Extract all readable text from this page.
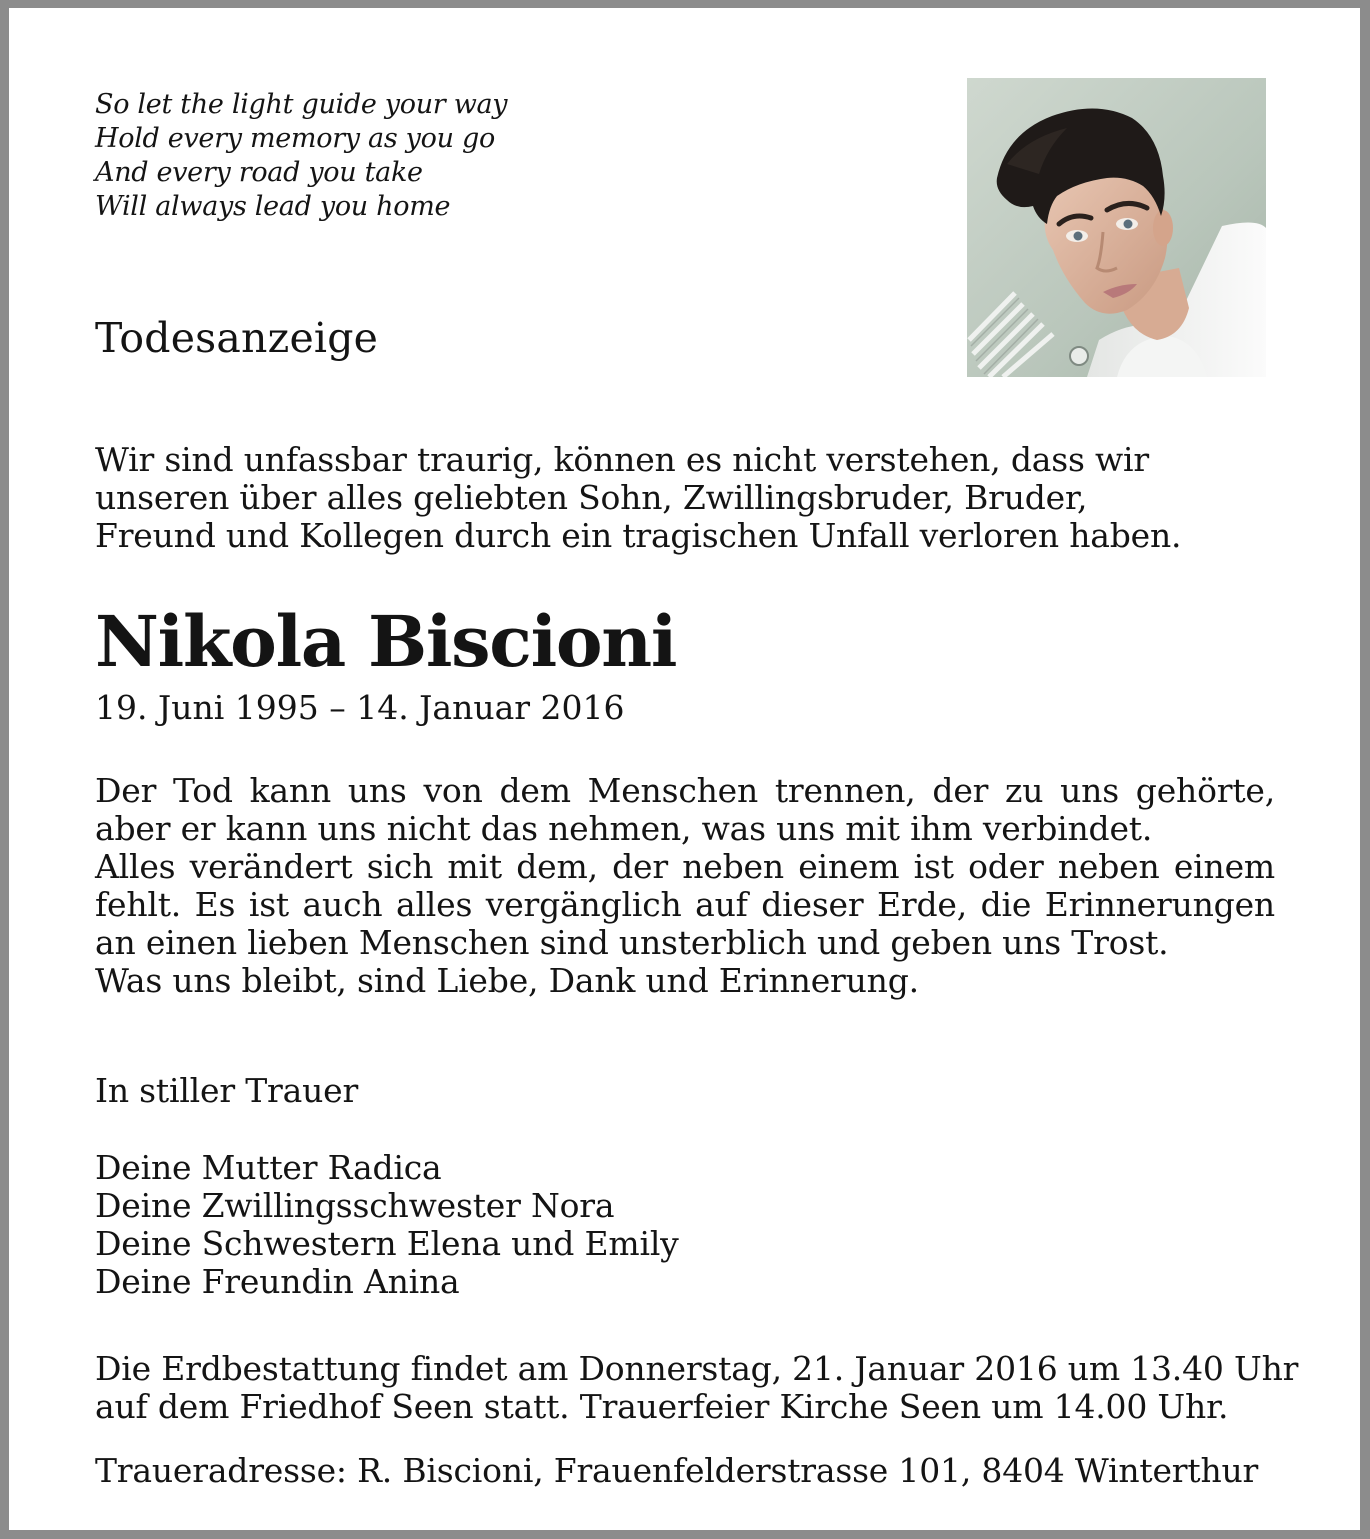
So let the light guide your way
Hold every memory as you go
And every road you take
Will always lead you home
Todesanzeige
Wir sind unfassbar traurig, können es nicht verstehen, dass wir
unseren über alles geliebten Sohn, Zwillingsbruder, Bruder,
Freund und Kollegen durch ein tragischen Unfall verloren haben.
Nikola Biscioni
19. Juni 1995 – 14. Januar 2016
Der Tod kann uns von dem Menschen trennen, der zu uns gehörte,
aber er kann uns nicht das nehmen, was uns mit ihm verbindet.
Alles verändert sich mit dem, der neben einem ist oder neben einem
fehlt. Es ist auch alles vergänglich auf dieser Erde, die Erinnerungen
an einen lieben Menschen sind unsterblich und geben uns Trost.
Was uns bleibt, sind Liebe, Dank und Erinnerung.
In stiller Trauer
Deine Mutter Radica
Deine Zwillingsschwester Nora
Deine Schwestern Elena und Emily
Deine Freundin Anina
Die Erdbestattung findet am Donnerstag, 21. Januar 2016 um 13.40 Uhr
auf dem Friedhof Seen statt. Trauerfeier Kirche Seen um 14.00 Uhr.
Traueradresse: R. Biscioni, Frauenfelderstrasse 101, 8404 Winterthur
